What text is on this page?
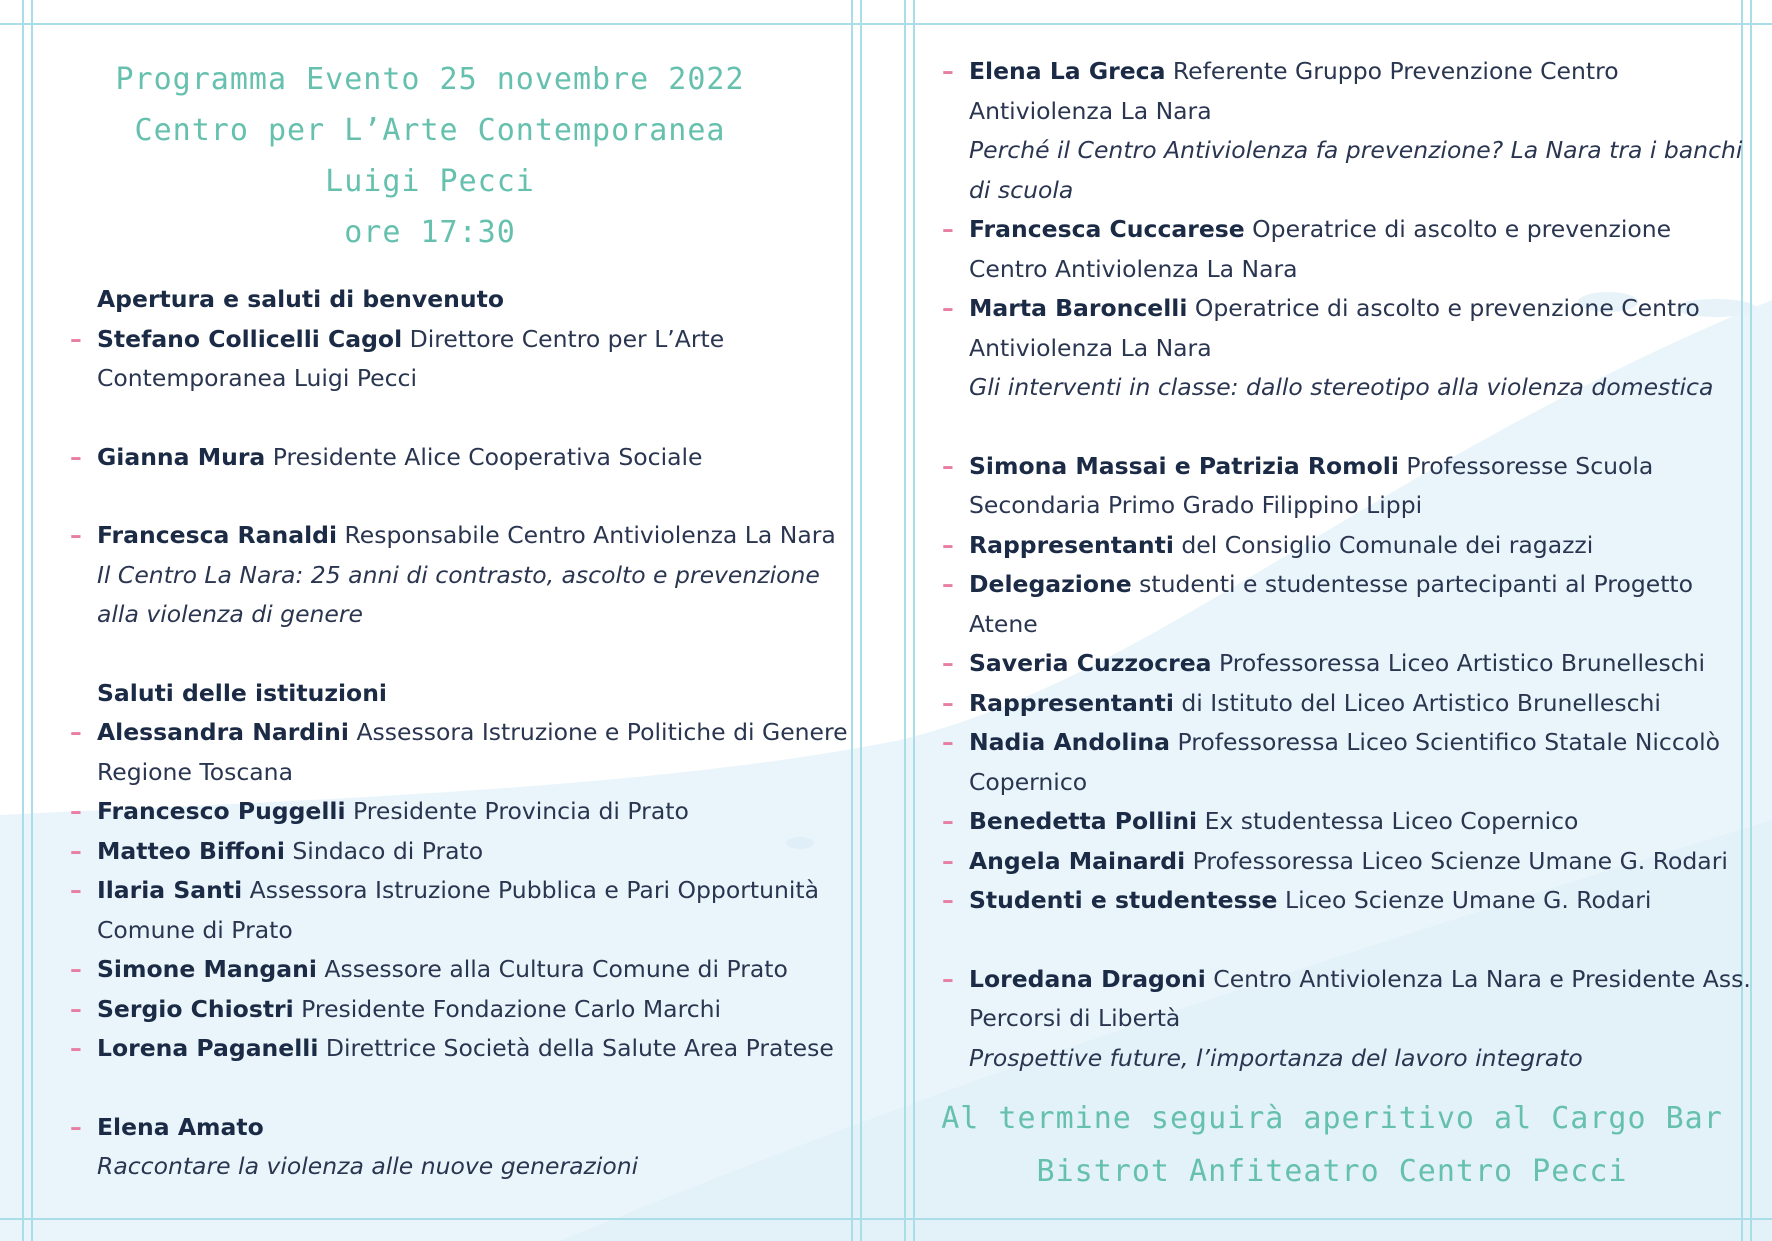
Programma Evento 25 novembre 2022
Centro per L’Arte Contemporanea
Luigi Pecci
ore 17:30
Apertura e saluti di benvenuto
– Stefano Collicelli Cagol Direttore Centro per L’Arte Contemporanea Luigi Pecci
– Gianna Mura Presidente Alice Cooperativa Sociale
– Francesca Ranaldi Responsabile Centro Antiviolenza La Nara
Il Centro La Nara: 25 anni di contrasto, ascolto e prevenzione alla violenza di genere
Saluti delle istituzioni
– Alessandra Nardini Assessora Istruzione e Politiche di Genere Regione Toscana
– Francesco Puggelli Presidente Provincia di Prato
– Matteo Biffoni Sindaco di Prato
– Ilaria Santi Assessora Istruzione Pubblica e Pari Opportunità Comune di Prato
– Simone Mangani Assessore alla Cultura Comune di Prato
– Sergio Chiostri Presidente Fondazione Carlo Marchi
– Lorena Paganelli Direttrice Società della Salute Area Pratese
– Elena Amato
Raccontare la violenza alle nuove generazioni
– Elena La Greca Referente Gruppo Prevenzione Centro Antiviolenza La Nara
Perché il Centro Antiviolenza fa prevenzione? La Nara tra i banchi di scuola
– Francesca Cuccarese Operatrice di ascolto e prevenzione Centro Antiviolenza La Nara
– Marta Baroncelli Operatrice di ascolto e prevenzione Centro Antiviolenza La Nara
Gli interventi in classe: dallo stereotipo alla violenza domestica
– Simona Massai e Patrizia Romoli Professoresse Scuola Secondaria Primo Grado Filippino Lippi
– Rappresentanti del Consiglio Comunale dei ragazzi
– Delegazione studenti e studentesse partecipanti al Progetto Atene
– Saveria Cuzzocrea Professoressa Liceo Artistico Brunelleschi
– Rappresentanti di Istituto del Liceo Artistico Brunelleschi
– Nadia Andolina Professoressa Liceo Scientifico Statale Niccolò Copernico
– Benedetta Pollini Ex studentessa Liceo Copernico
– Angela Mainardi Professoressa Liceo Scienze Umane G. Rodari
– Studenti e studentesse Liceo Scienze Umane G. Rodari
– Loredana Dragoni Centro Antiviolenza La Nara e Presidente Ass. Percorsi di Libertà
Prospettive future, l’importanza del lavoro integrato
Al termine seguirà aperitivo al Cargo Bar
Bistrot Anfiteatro Centro Pecci
